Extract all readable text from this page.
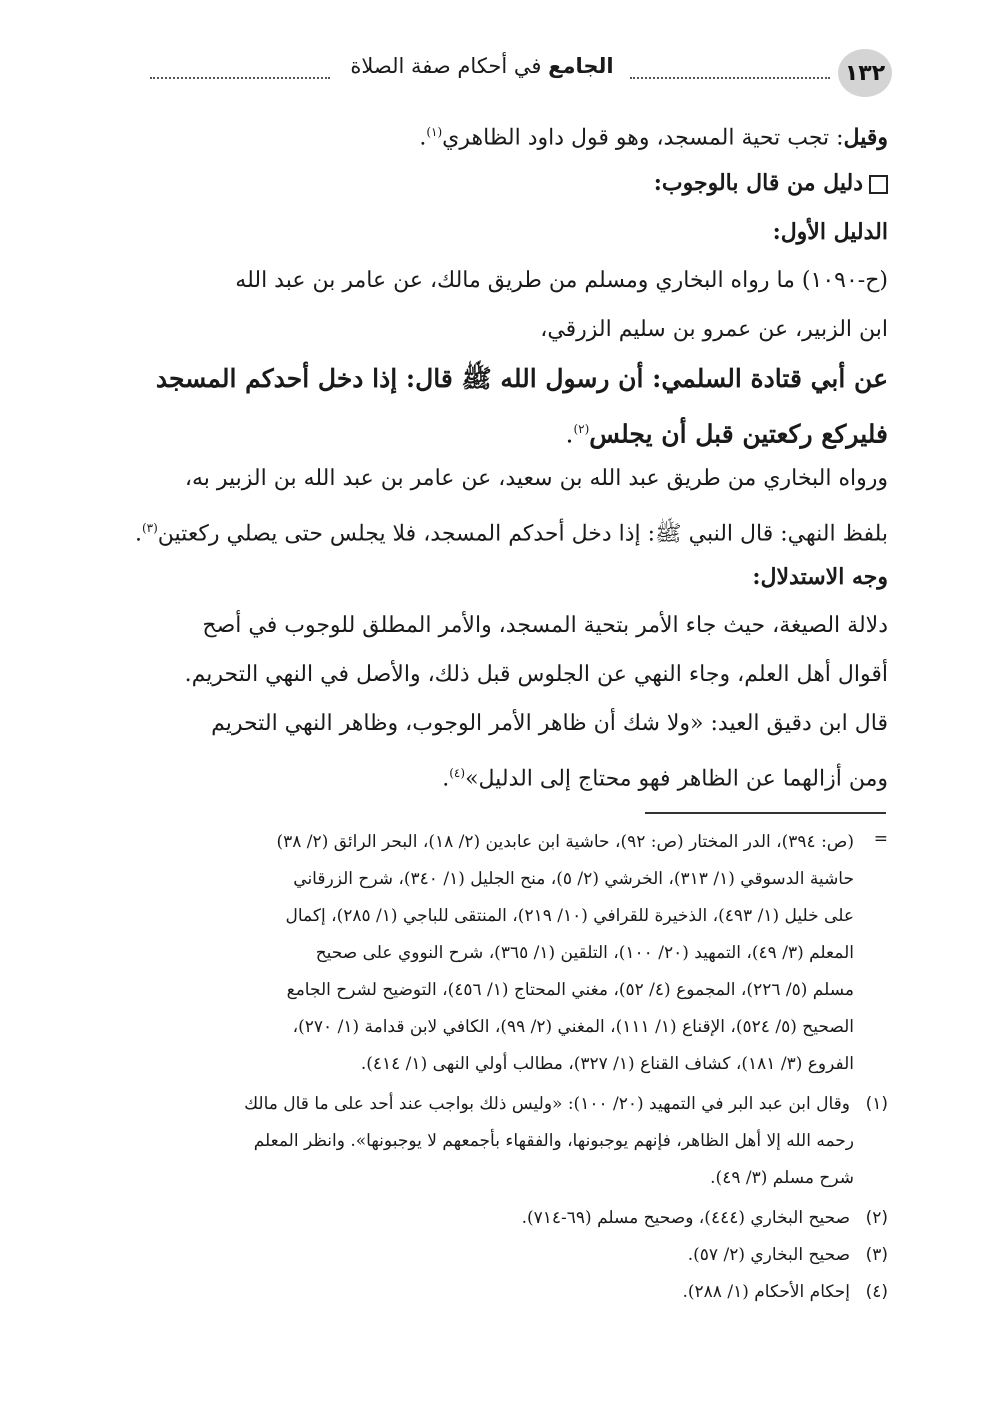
١٣٢
الجامع في أحكام صفة الصلاة
وقيل: تجب تحية المسجد، وهو قول داود الظاهري$^{(١)}$.
دليل من قال بالوجوب:
الدليل الأول:
(ح-١٠٩٠) ما رواه البخاري ومسلم من طريق مالك، عن عامر بن عبد الله
ابن الزبير، عن عمرو بن سليم الزرقي،
عن أبي قتادة السلمي: أن رسول الله ﷺ قال: إذا دخل أحدكم المسجد
فليركع ركعتين قبل أن يجلس$^{(٢)}$.
ورواه البخاري من طريق عبد الله بن سعيد، عن عامر بن عبد الله بن الزبير به،
بلفظ النهي: قال النبي ﷺ: إذا دخل أحدكم المسجد، فلا يجلس حتى يصلي ركعتين$^{(٣)}$.
وجه الاستدلال:
دلالة الصيغة، حيث جاء الأمر بتحية المسجد، والأمر المطلق للوجوب في أصح
أقوال أهل العلم، وجاء النهي عن الجلوس قبل ذلك، والأصل في النهي التحريم.
قال ابن دقيق العيد: «ولا شك أن ظاهر الأمر الوجوب، وظاهر النهي التحريم
ومن أزالهما عن الظاهر فهو محتاج إلى الدليل»$^{(٤)}$.
=
(ص: ٣٩٤)، الدر المختار (ص: ٩٢)، حاشية ابن عابدين (٢/ ١٨)، البحر الرائق (٢/ ٣٨)
حاشية الدسوقي (١/ ٣١٣)، الخرشي (٢/ ٥)، منح الجليل (١/ ٣٤٠)، شرح الزرقاني
على خليل (١/ ٤٩٣)، الذخيرة للقرافي (١٠/ ٢١٩)، المنتقى للباجي (١/ ٢٨٥)، إكمال
المعلم (٣/ ٤٩)، التمهيد (٢٠/ ١٠٠)، التلقين (١/ ٣٦٥)، شرح النووي على صحيح
مسلم (٥/ ٢٢٦)، المجموع (٤/ ٥٢)، مغني المحتاج (١/ ٤٥٦)، التوضيح لشرح الجامع
الصحيح (٥/ ٥٢٤)، الإقناع (١/ ١١١)، المغني (٢/ ٩٩)، الكافي لابن قدامة (١/ ٢٧٠)،
الفروع (٣/ ١٨١)، كشاف القناع (١/ ٣٢٧)، مطالب أولي النهى (١/ ٤١٤).
(١)وقال ابن عبد البر في التمهيد (٢٠/ ١٠٠): «وليس ذلك بواجب عند أحد على ما قال مالك
رحمه الله إلا أهل الظاهر، فإنهم يوجبونها، والفقهاء بأجمعهم لا يوجبونها». وانظر المعلم
شرح مسلم (٣/ ٤٩).
(٢)صحيح البخاري (٤٤٤)، وصحيح مسلم (٦٩-٧١٤).
(٣)صحيح البخاري (٢/ ٥٧).
(٤)إحكام الأحكام (١/ ٢٨٨).
